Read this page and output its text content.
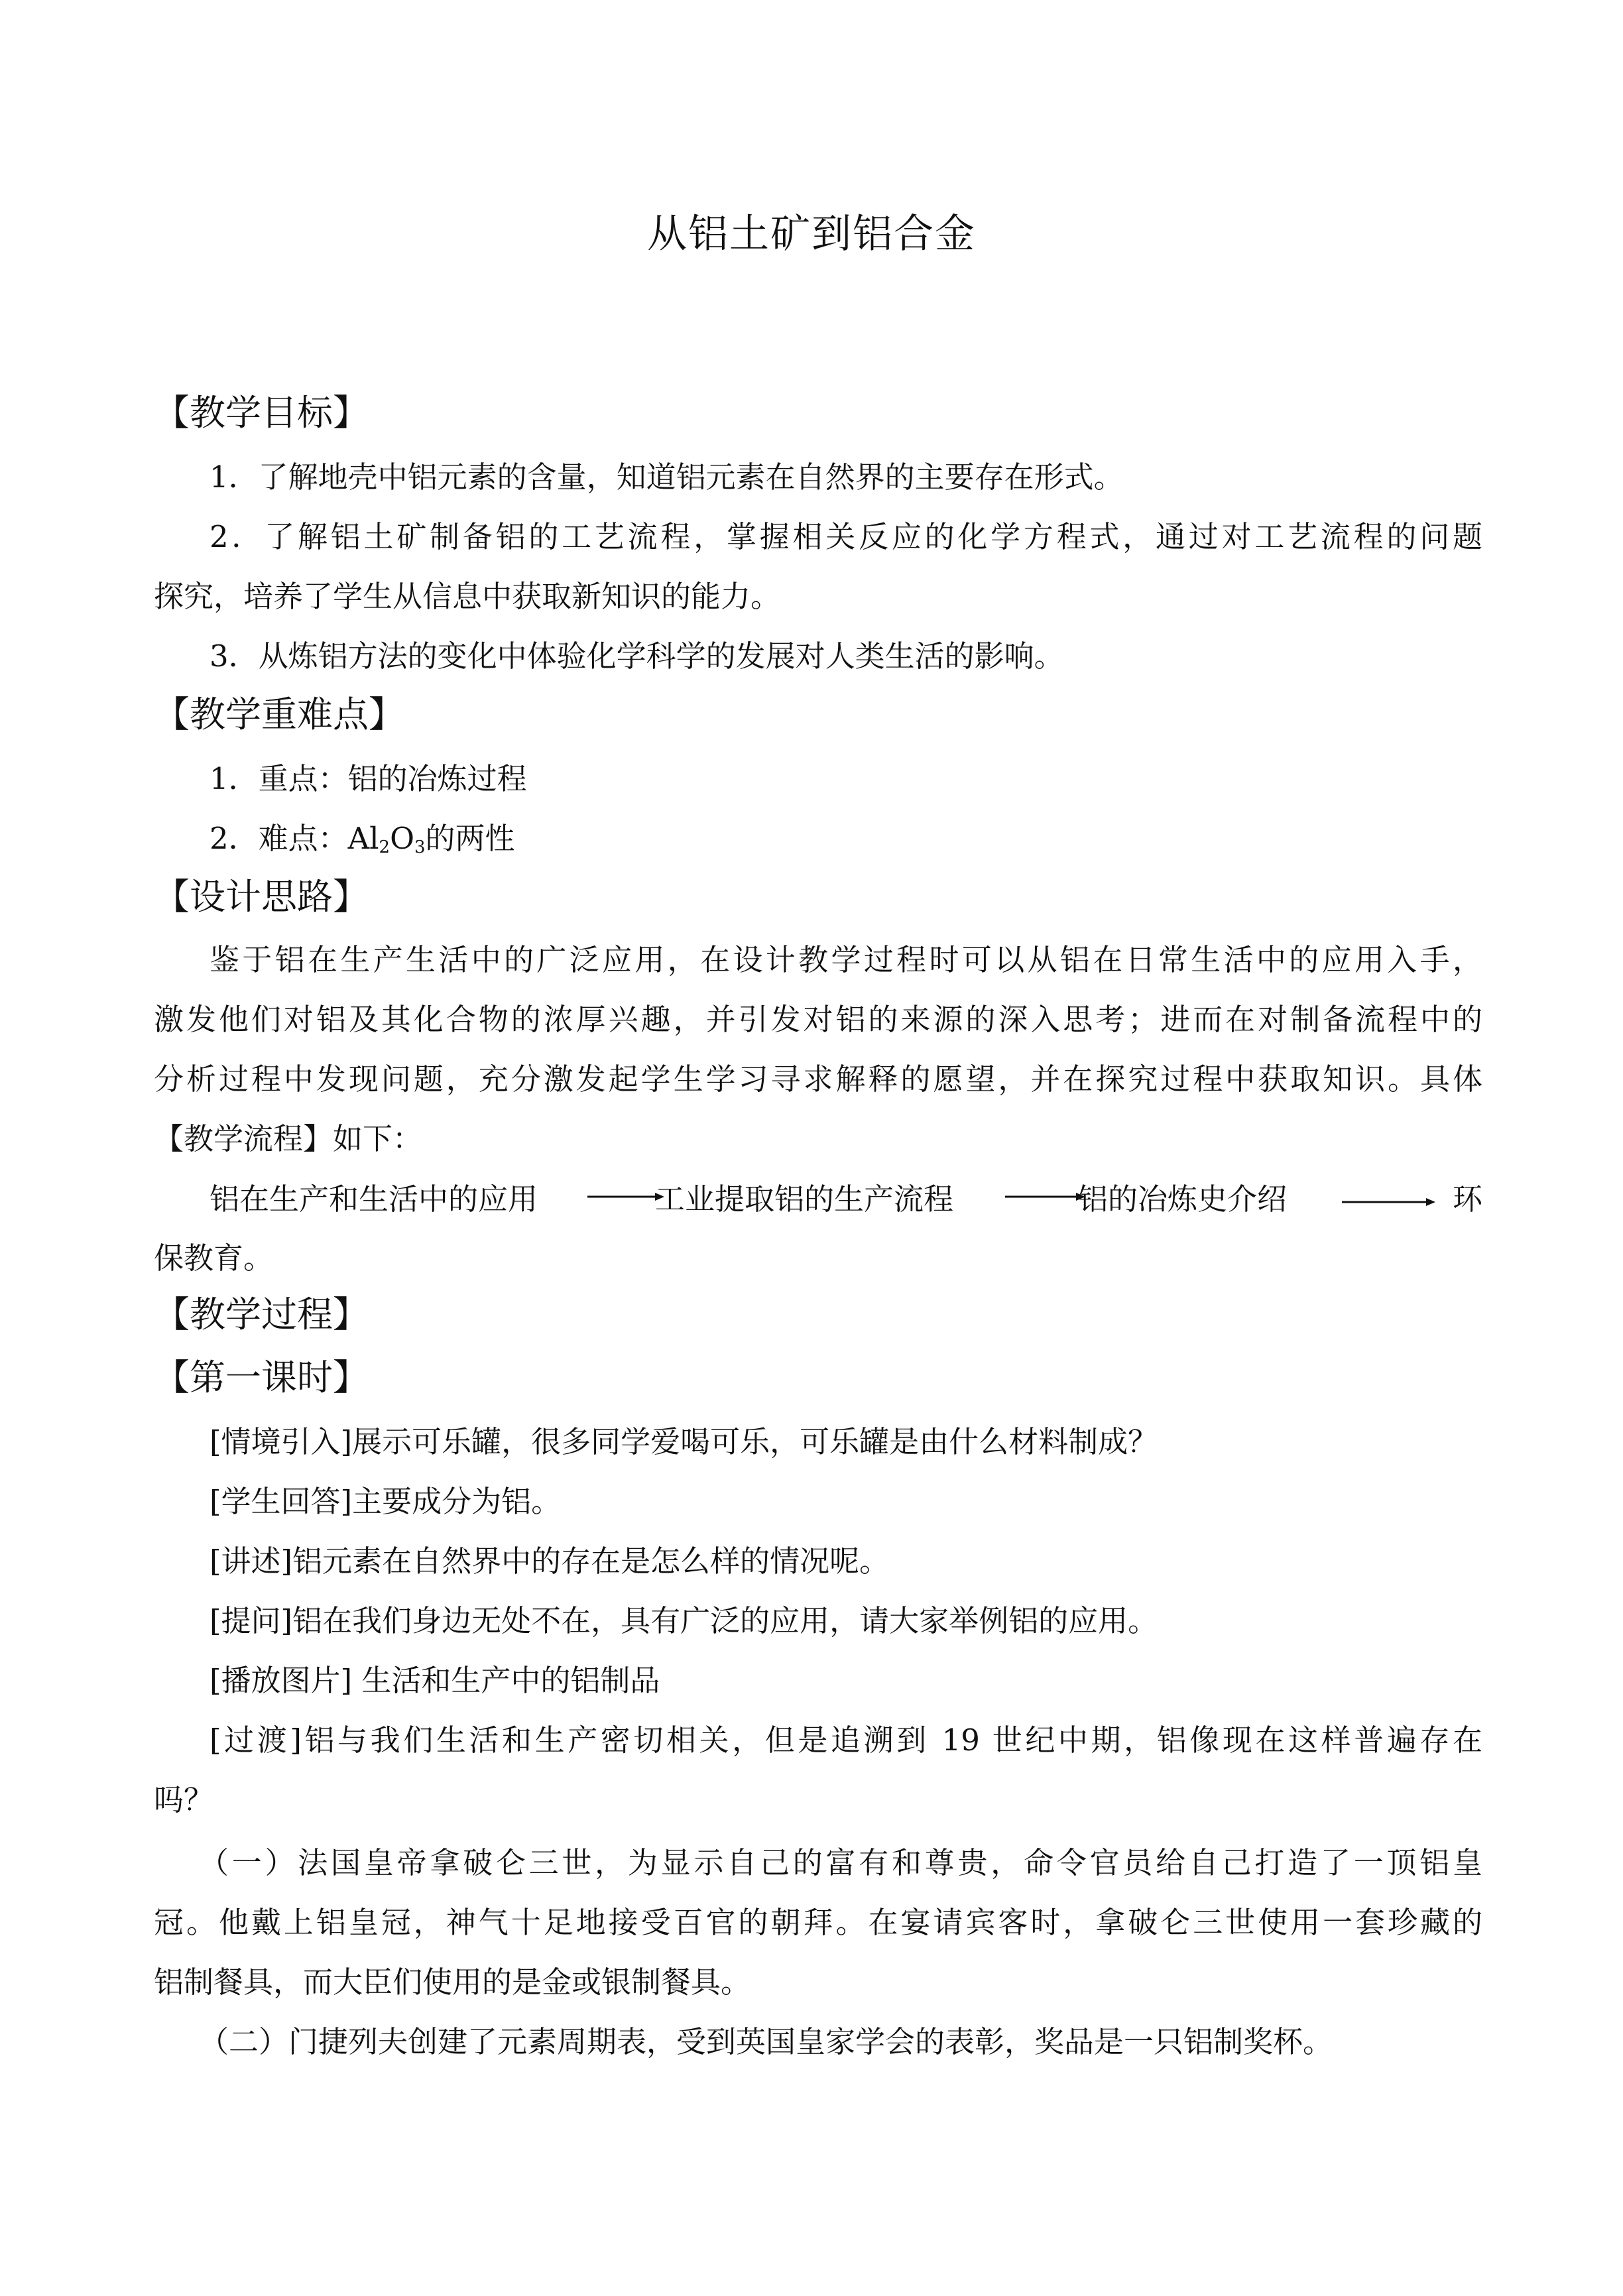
从铝土矿到铝合金
【教学目标】
1．了解地壳中铝元素的含量，知道铝元素在自然界的主要存在形式。
2．了解铝土矿制备铝的工艺流程，掌握相关反应的化学方程式，通过对工艺流程的问题
探究，培养了学生从信息中获取新知识的能力。
3．从炼铝方法的变化中体验化学科学的发展对人类生活的影响。
【教学重难点】
1．重点：铝的冶炼过程
2．难点：$Al_2O_3$的两性
【设计思路】
鉴于铝在生产生活中的广泛应用，在设计教学过程时可以从铝在日常生活中的应用入手，
激发他们对铝及其化合物的浓厚兴趣，并引发对铝的来源的深入思考；进而在对制备流程中的
分析过程中发现问题，充分激发起学生学习寻求解释的愿望，并在探究过程中获取知识。具体
【教学流程】如下：
铝在生产和生活中的应用	工业提取铝的生产流程	铝的冶炼史介绍	环
保教育。
【教学过程】
【第一课时】
[情境引入]展示可乐罐，很多同学爱喝可乐，可乐罐是由什么材料制成？
[学生回答]主要成分为铝。
[讲述]铝元素在自然界中的存在是怎么样的情况呢。
[提问]铝在我们身边无处不在，具有广泛的应用，请大家举例铝的应用。
[播放图片] 生活和生产中的铝制品
[过渡]铝与我们生活和生产密切相关，但是追溯到 19 世纪中期，铝像现在这样普遍存在
吗？
（一）法国皇帝拿破仑三世，为显示自己的富有和尊贵，命令官员给自己打造了一顶铝皇
冠。他戴上铝皇冠，神气十足地接受百官的朝拜。在宴请宾客时，拿破仑三世使用一套珍藏的
铝制餐具，而大臣们使用的是金或银制餐具。
（二）门捷列夫创建了元素周期表，受到英国皇家学会的表彰，奖品是一只铝制奖杯。
